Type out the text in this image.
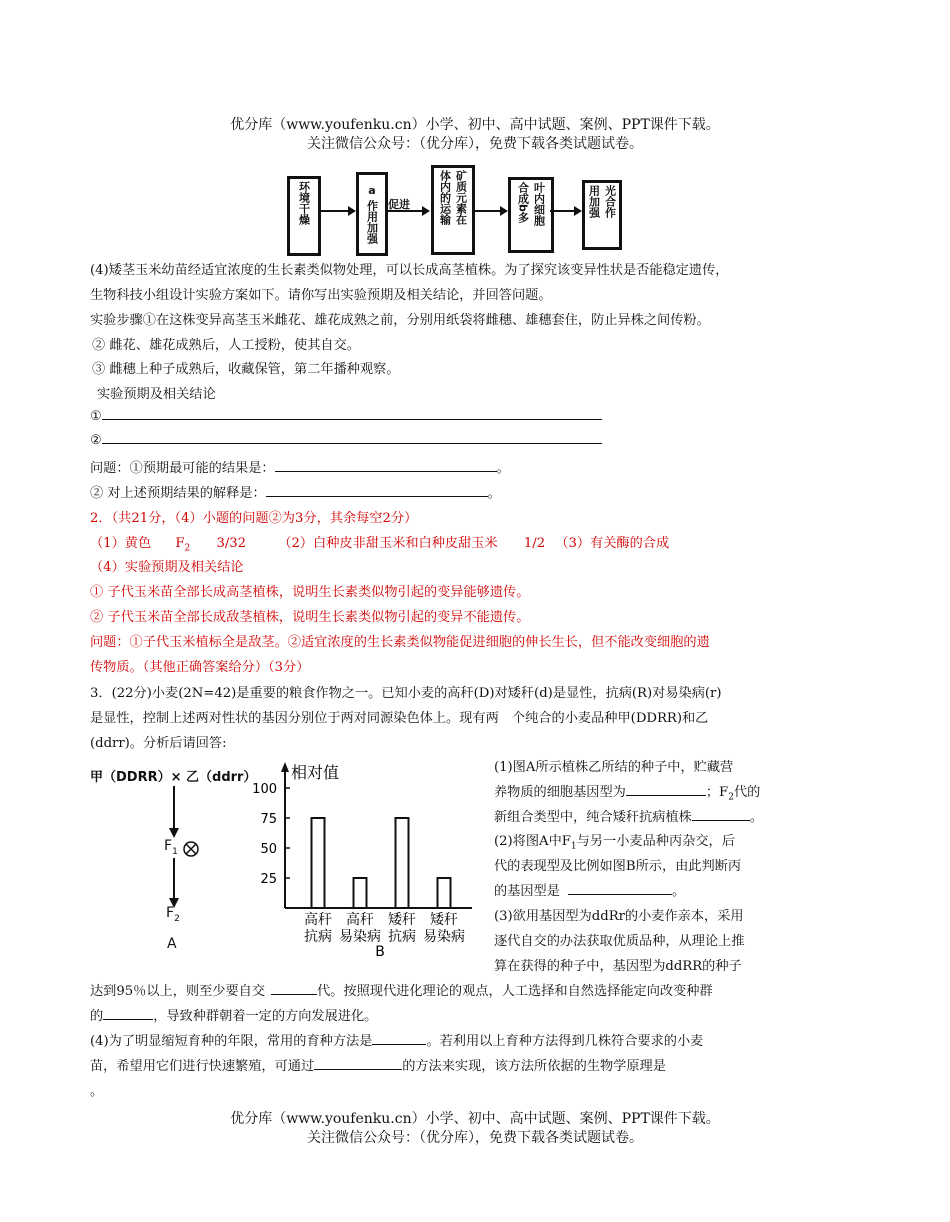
优分库（www.youfenku.cn）小学、初中、高中试题、案例、PPT课件下载。
关注微信公众号：（优分库），免费下载各类试题试卷。
环境干燥	a
作用加强 促进	体内的运输 矿质元素在	合成b多 叶内细胞	用加强 光合作
(4)矮茎玉米幼苗经适宜浓度的生长素类似物处理，可以长成高茎植株。为了探究该变异性状是否能稳定遗传，
生物科技小组设计实验方案如下。请你写出实验预期及相关结论，并回答问题。
实验步骤①在这株变异高茎玉米雌花、雄花成熟之前，分别用纸袋将雌穗、雄穗套住，防止异株之间传粉。
② 雌花、雄花成熟后，人工授粉，使其自交。
③ 雌穗上种子成熟后，收藏保管，第二年播种观察。
实验预期及相关结论
①
②
问题：①预期最可能的结果是：	。
② 对上述预期结果的解释是：	。
2．（共21分，（4）小题的问题②为3分，其余每空2分）
（1）黄色 $F_2$ 3/32 （2）白种皮非甜玉米和白种皮甜玉米 1/2 （3）有关酶的合成
（4）实验预期及相关结论
① 子代玉米苗全部长成高茎植株，说明生长素类似物引起的变异能够遗传。
② 子代玉米苗全部长成敌茎植株，说明生长素类似物引起的变异不能遗传。
问题：①子代玉米植标全是敌茎。②适宜浓度的生长素类似物能促进细胞的伸长生长，但不能改变细胞的遗
传物质。（其他正确答案给分）（3分）
3．(22分)小麦(2N=42)是重要的粮食作物之一。已知小麦的高秆(D)对矮秆(d)是显性，抗病(R)对易染病(r)
是显性，控制上述两对性状的基因分别位于两对同源染色体上。现有两　个纯合的小麦品种甲(DDRR)和乙
(ddrr)。分析后请回答:
甲（DDRR）× 乙（ddrr）
$F_1$
$F_2$
A
相对值
100
75
50
25
高秆
抗病
高秆
易染病
矮秆
抗病
矮秆
易染病
B
(1)图A所示植株乙所结的种子中，贮藏营
养物质的细胞基因型为	；$F_2$代的
新组合类型中，纯合矮秆抗病植株	。
(2)将图A中$F_1$与另一小麦品种丙杂交，后
代的表现型及比例如图B所示，由此判断丙
的基因型是	。
(3)欲用基因型为ddRr的小麦作亲本，采用
逐代自交的办法获取优质品种，从理论上推
算在获得的种子中，基因型为ddRR的种子
达到95％以上，则至少要自交	代。按照现代进化理论的观点，人工选择和自然选择能定向改变种群
的	，导致种群朝着一定的方向发展进化。
(4)为了明显缩短育种的年限，常用的育种方法是	。若利用以上育种方法得到几株符合要求的小麦
苗，希望用它们进行快速繁殖，可通过	的方法来实现，该方法所依据的生物学原理是
。
优分库（www.youfenku.cn）小学、初中、高中试题、案例、PPT课件下载。
关注微信公众号：（优分库），免费下载各类试题试卷。
